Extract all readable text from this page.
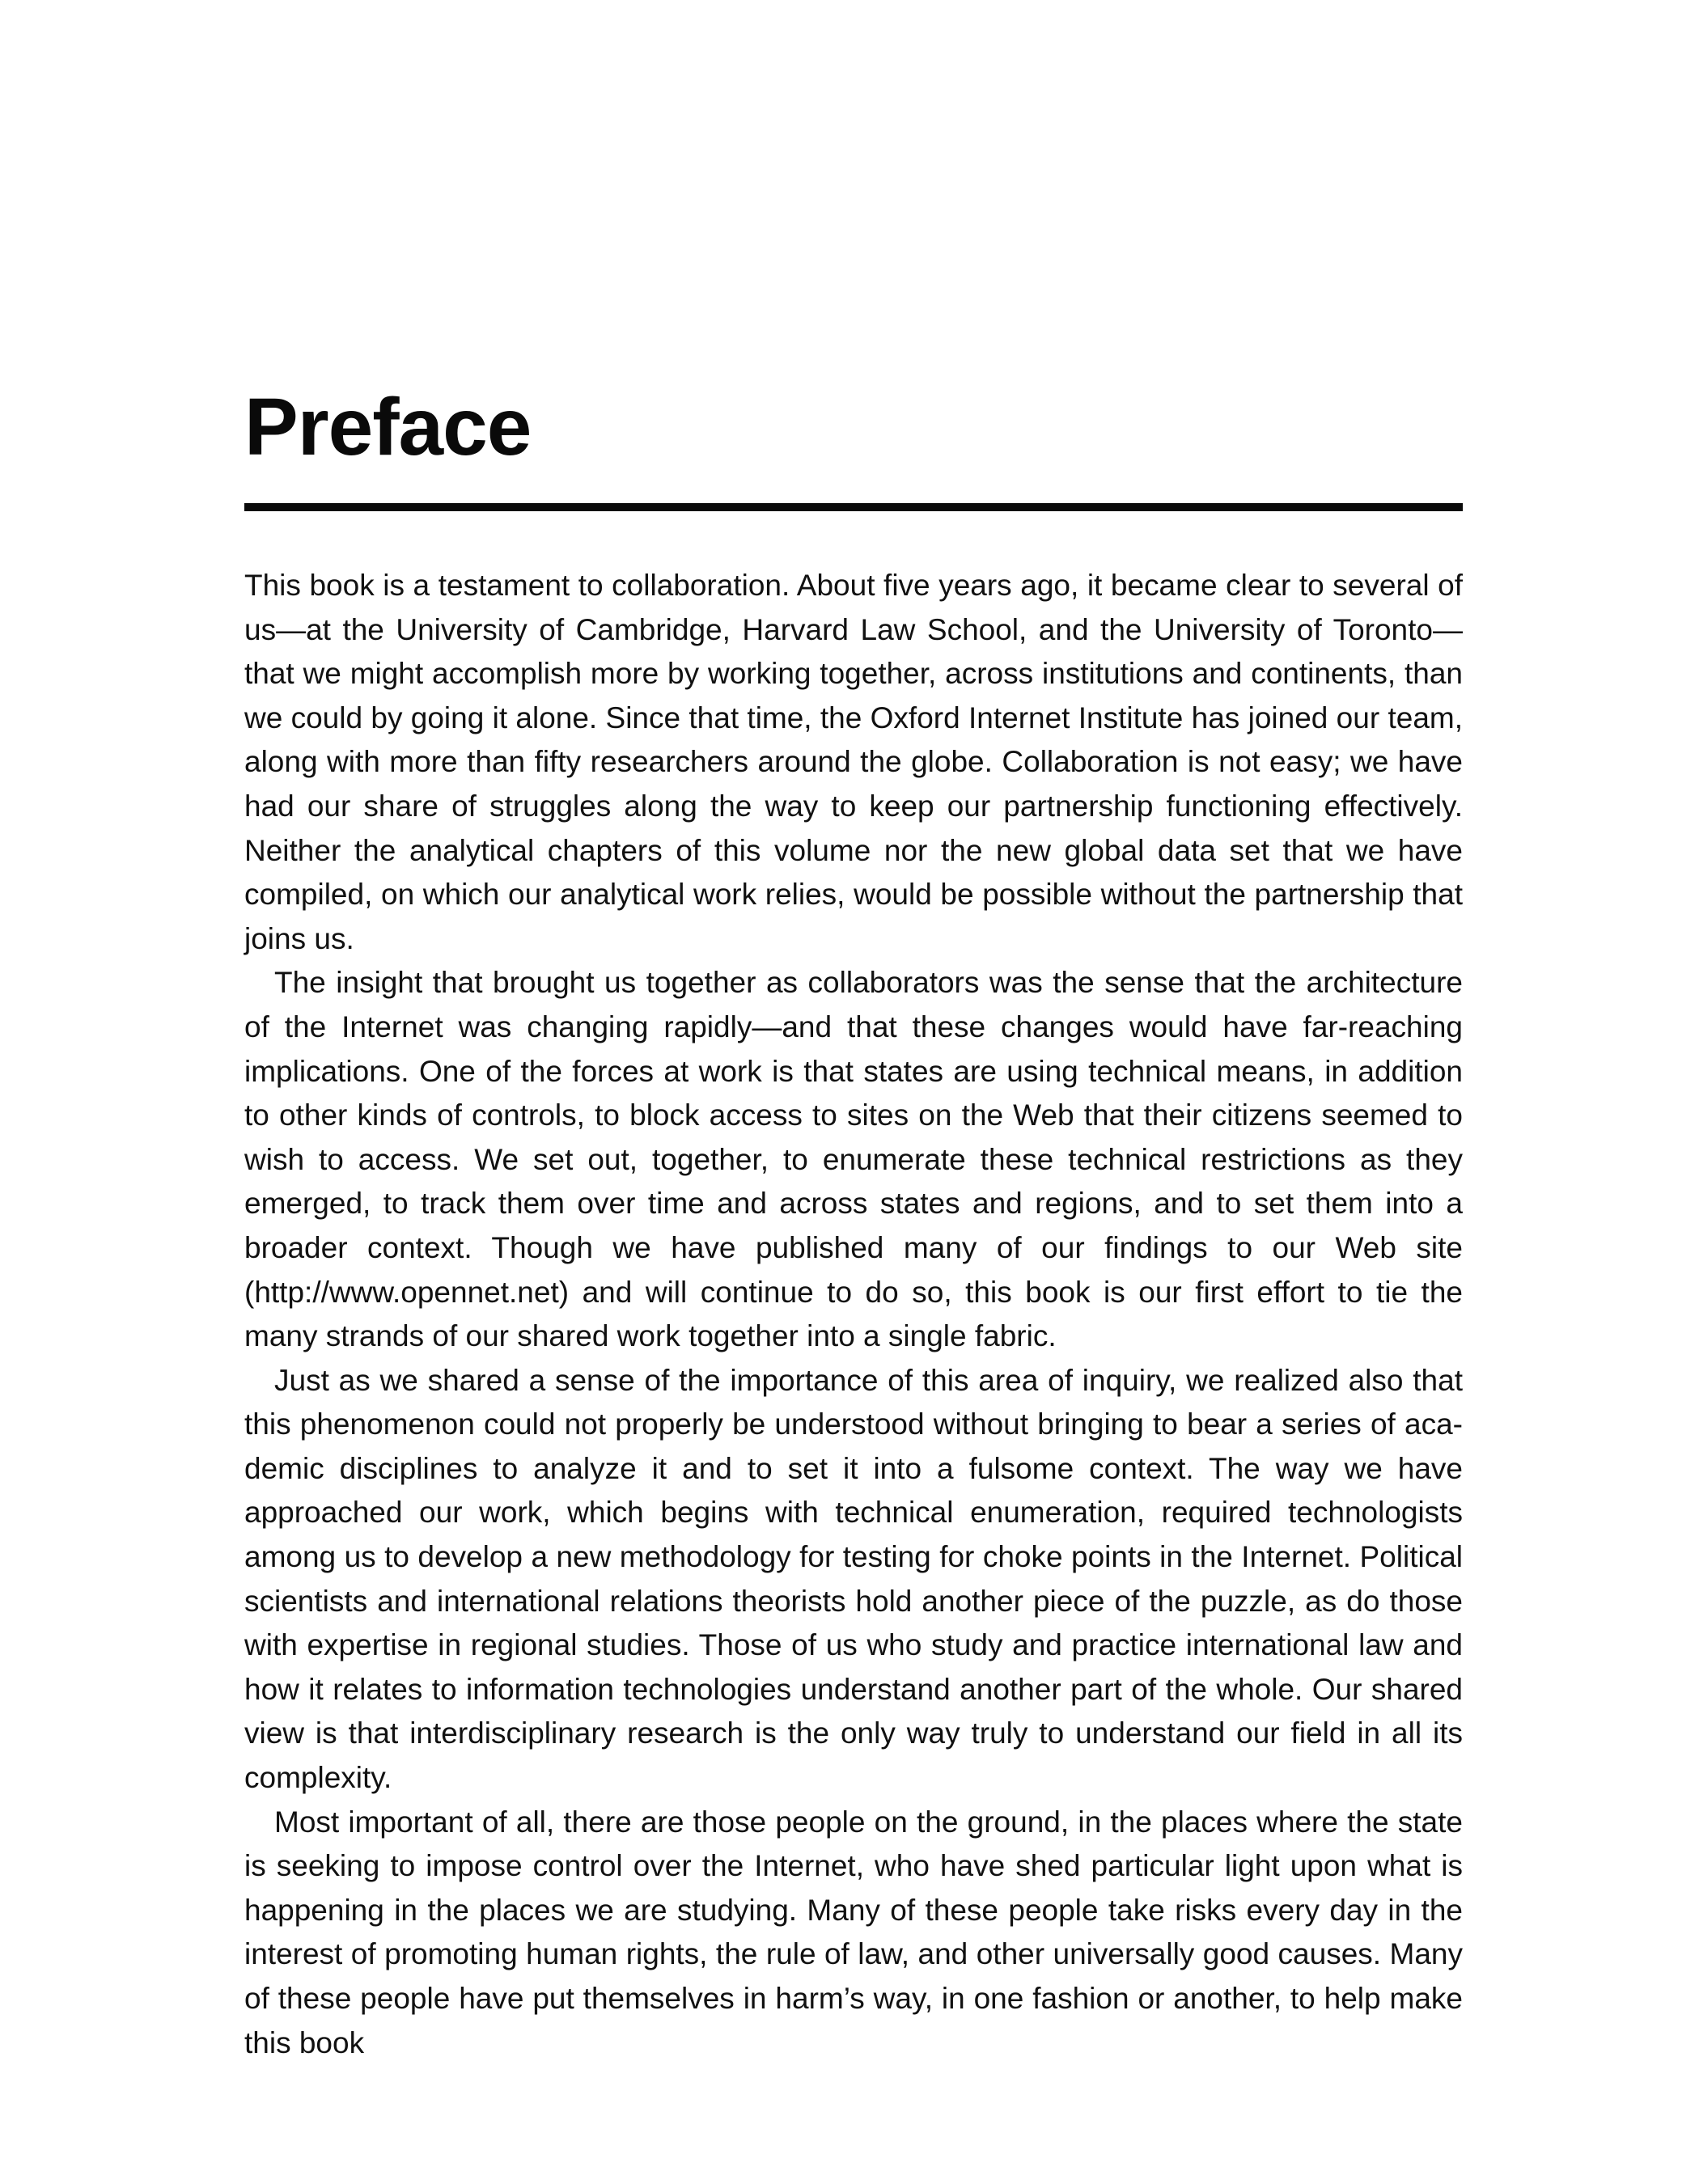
Preface

This book is a testament to collaboration. About five years ago, it became clear to several of us—at the University of Cambridge, Harvard Law School, and the University of Toronto—that we might accomplish more by working together, across institutions and continents, than we could by going it alone. Since that time, the Oxford Internet Institute has joined our team, along with more than fifty researchers around the globe. Collaboration is not easy; we have had our share of struggles along the way to keep our partnership functioning effectively. Neither the analytical chapters of this volume nor the new global data set that we have compiled, on which our analytical work relies, would be possible without the partnership that joins us.

The insight that brought us together as collaborators was the sense that the architecture of the Internet was changing rapidly—and that these changes would have far-reaching implications. One of the forces at work is that states are using technical means, in addition to other kinds of controls, to block access to sites on the Web that their citizens seemed to wish to access. We set out, together, to enumerate these technical restrictions as they emerged, to track them over time and across states and regions, and to set them into a broader context. Though we have published many of our findings to our Web site (http://www.opennet.net) and will continue to do so, this book is our first effort to tie the many strands of our shared work together into a single fabric.

Just as we shared a sense of the importance of this area of inquiry, we realized also that this phenomenon could not properly be understood without bringing to bear a series of academic disciplines to analyze it and to set it into a fulsome context. The way we have approached our work, which begins with technical enumeration, required technologists among us to develop a new methodology for testing for choke points in the Internet. Political scientists and international relations theorists hold another piece of the puzzle, as do those with expertise in regional studies. Those of us who study and practice international law and how it relates to information technologies understand another part of the whole. Our shared view is that interdisciplinary research is the only way truly to understand our field in all its complexity.

Most important of all, there are those people on the ground, in the places where the state is seeking to impose control over the Internet, who have shed particular light upon what is happening in the places we are studying. Many of these people take risks every day in the interest of promoting human rights, the rule of law, and other universally good causes. Many of these people have put themselves in harm’s way, in one fashion or another, to help make this book
